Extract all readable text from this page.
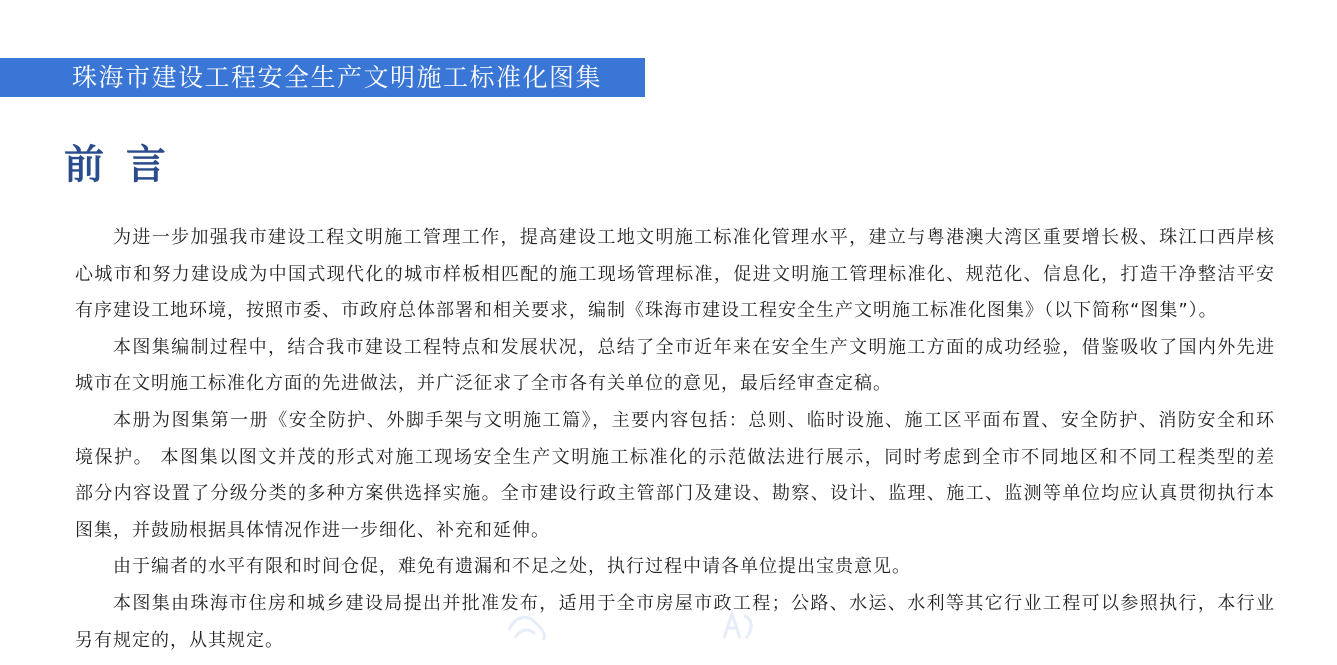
珠海市建设工程安全生产文明施工标准化图集
前 言
为进一步加强我市建设工程文明施工管理工作，提高建设工地文明施工标准化管理水平，建立与粤港澳大湾区重要增长极、珠江口西岸核
心城市和努力建设成为中国式现代化的城市样板相匹配的施工现场管理标准，促进文明施工管理标准化、规范化、信息化，打造干净整洁平安
有序建设工地环境，按照市委、市政府总体部署和相关要求，编制《珠海市建设工程安全生产文明施工标准化图集》（以下简称“图集”）。
本图集编制过程中，结合我市建设工程特点和发展状况，总结了全市近年来在安全生产文明施工方面的成功经验，借鉴吸收了国内外先进
城市在文明施工标准化方面的先进做法，并广泛征求了全市各有关单位的意见，最后经审查定稿。
本册为图集第一册《安全防护、外脚手架与文明施工篇》，主要内容包括：总则、临时设施、施工区平面布置、安全防护、消防安全和环
境保护。 本图集以图文并茂的形式对施工现场安全生产文明施工标准化的示范做法进行展示，同时考虑到全市不同地区和不同工程类型的差
部分内容设置了分级分类的多种方案供选择实施。全市建设行政主管部门及建设、勘察、设计、监理、施工、监测等单位均应认真贯彻执行本
图集，并鼓励根据具体情况作进一步细化、补充和延伸。
由于编者的水平有限和时间仓促，难免有遗漏和不足之处，执行过程中请各单位提出宝贵意见。
本图集由珠海市住房和城乡建设局提出并批准发布，适用于全市房屋市政工程；公路、水运、水利等其它行业工程可以参照执行，本行业
另有规定的，从其规定。
